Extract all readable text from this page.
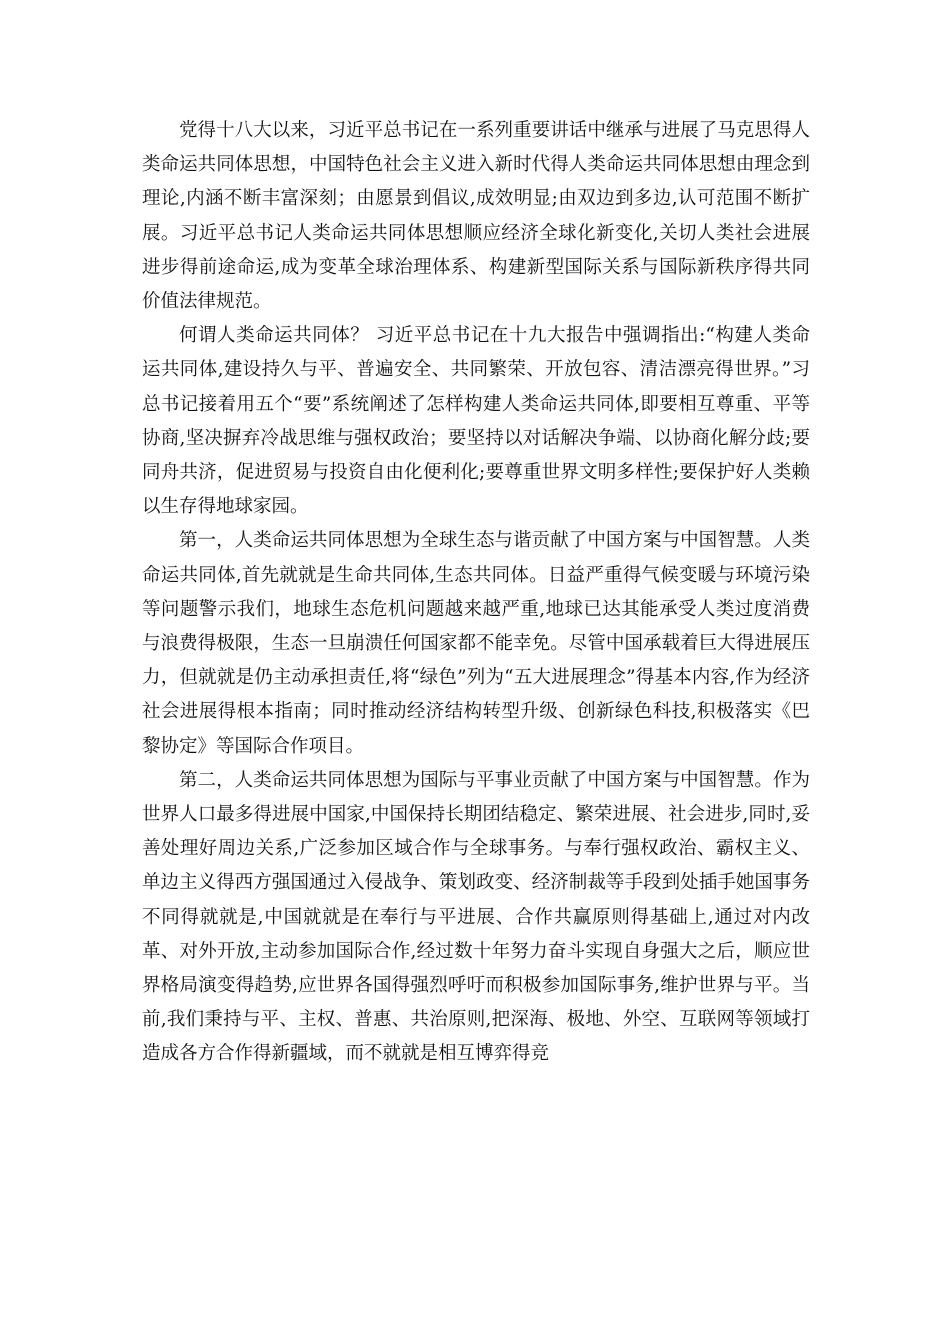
党得十八大以来，习近平总书记在一系列重要讲话中继承与进展了马克思得人类命运共同体思想，中国特色社会主义进入新时代得人类命运共同体思想由理念到理论,内涵不断丰富深刻；由愿景到倡议,成效明显;由双边到多边,认可范围不断扩展。习近平总书记人类命运共同体思想顺应经济全球化新变化,关切人类社会进展进步得前途命运,成为变革全球治理体系、构建新型国际关系与国际新秩序得共同价值法律规范。

何谓人类命运共同体？ 习近平总书记在十九大报告中强调指出:“构建人类命运共同体,建设持久与平、普遍安全、共同繁荣、开放包容、清洁漂亮得世界。”习总书记接着用五个“要”系统阐述了怎样构建人类命运共同体,即要相互尊重、平等协商,坚决摒弃冷战思维与强权政治；要坚持以对话解决争端、以协商化解分歧;要同舟共济，促进贸易与投资自由化便利化;要尊重世界文明多样性;要保护好人类赖以生存得地球家园。

第一，人类命运共同体思想为全球生态与谐贡献了中国方案与中国智慧。人类命运共同体,首先就就是生命共同体,生态共同体。日益严重得气候变暖与环境污染等问题警示我们，地球生态危机问题越来越严重,地球已达其能承受人类过度消费与浪费得极限，生态一旦崩溃任何国家都不能幸免。尽管中国承载着巨大得进展压力，但就就是仍主动承担责任,将“绿色”列为“五大进展理念”得基本内容,作为经济社会进展得根本指南；同时推动经济结构转型升级、创新绿色科技,积极落实《巴黎协定》等国际合作项目。

第二，人类命运共同体思想为国际与平事业贡献了中国方案与中国智慧。作为世界人口最多得进展中国家,中国保持长期团结稳定、繁荣进展、社会进步,同时,妥善处理好周边关系,广泛参加区域合作与全球事务。与奉行强权政治、霸权主义、单边主义得西方强国通过入侵战争、策划政变、经济制裁等手段到处插手她国事务不同得就就是,中国就就是在奉行与平进展、合作共赢原则得基础上,通过对内改革、对外开放,主动参加国际合作,经过数十年努力奋斗实现自身强大之后，顺应世界格局演变得趋势,应世界各国得强烈呼吁而积极参加国际事务,维护世界与平。当前,我们秉持与平、主权、普惠、共治原则,把深海、极地、外空、互联网等领域打造成各方合作得新疆域，而不就就是相互博弈得竞
